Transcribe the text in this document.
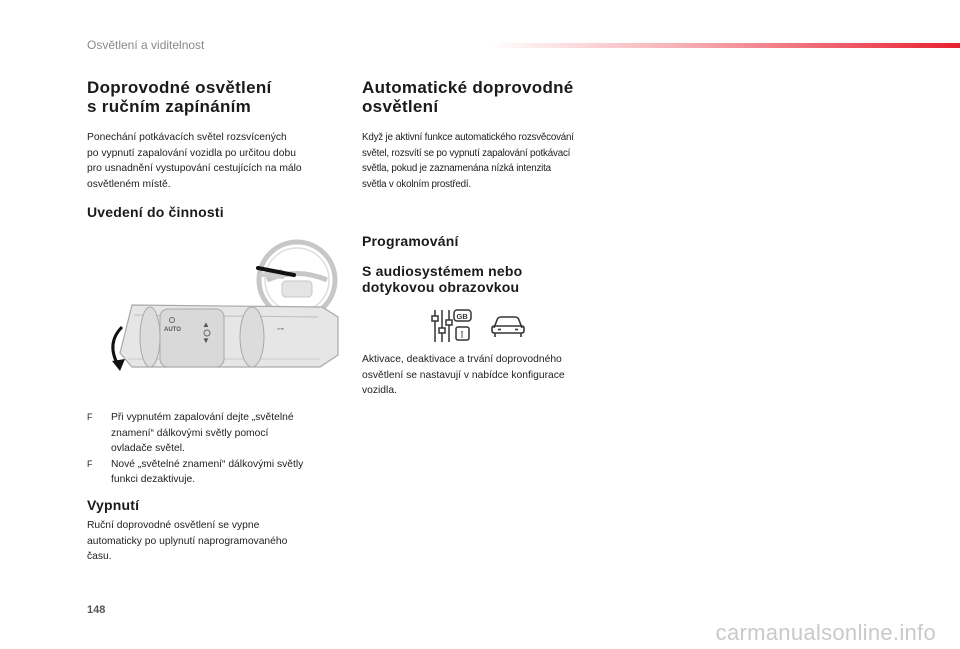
Osvětlení a viditelnost
Doprovodné osvětlení
s ručním zapínáním

Ponechání potkávacích světel rozsvícených

po vypnutí zapalování vozidla po určitou dobu

pro usnadnění vystupování cestujících na málo

osvětleném místě.

Uvedení do činnosti
AUTO
▲
▼
⊶
F Při vypnutém zapalování dejte „světelné
znamení“ dálkovými světly pomocí
ovladače světel.
F Nové „světelné znamení“ dálkovými světly
funkci dezaktivuje.
Vypnutí

Ruční doprovodné osvětlení se vypne

automaticky po uplynutí naprogramovaného

času.

Automatické doprovodné
osvětlení

Když je aktivní funkce automatického rozsvěcování

světel, rozsvítí se po vypnutí zapalování potkávací

světla, pokud je zaznamenána nízká intenzita

světla v okolním prostředí.

Programování
S audiosystémem nebo
dotykovou obrazovkou
GB
I

Aktivace, deaktivace a trvání doprovodného

osvětlení se nastavují v nabídce konfigurace

vozidla.

148
carmanualsonline.info
